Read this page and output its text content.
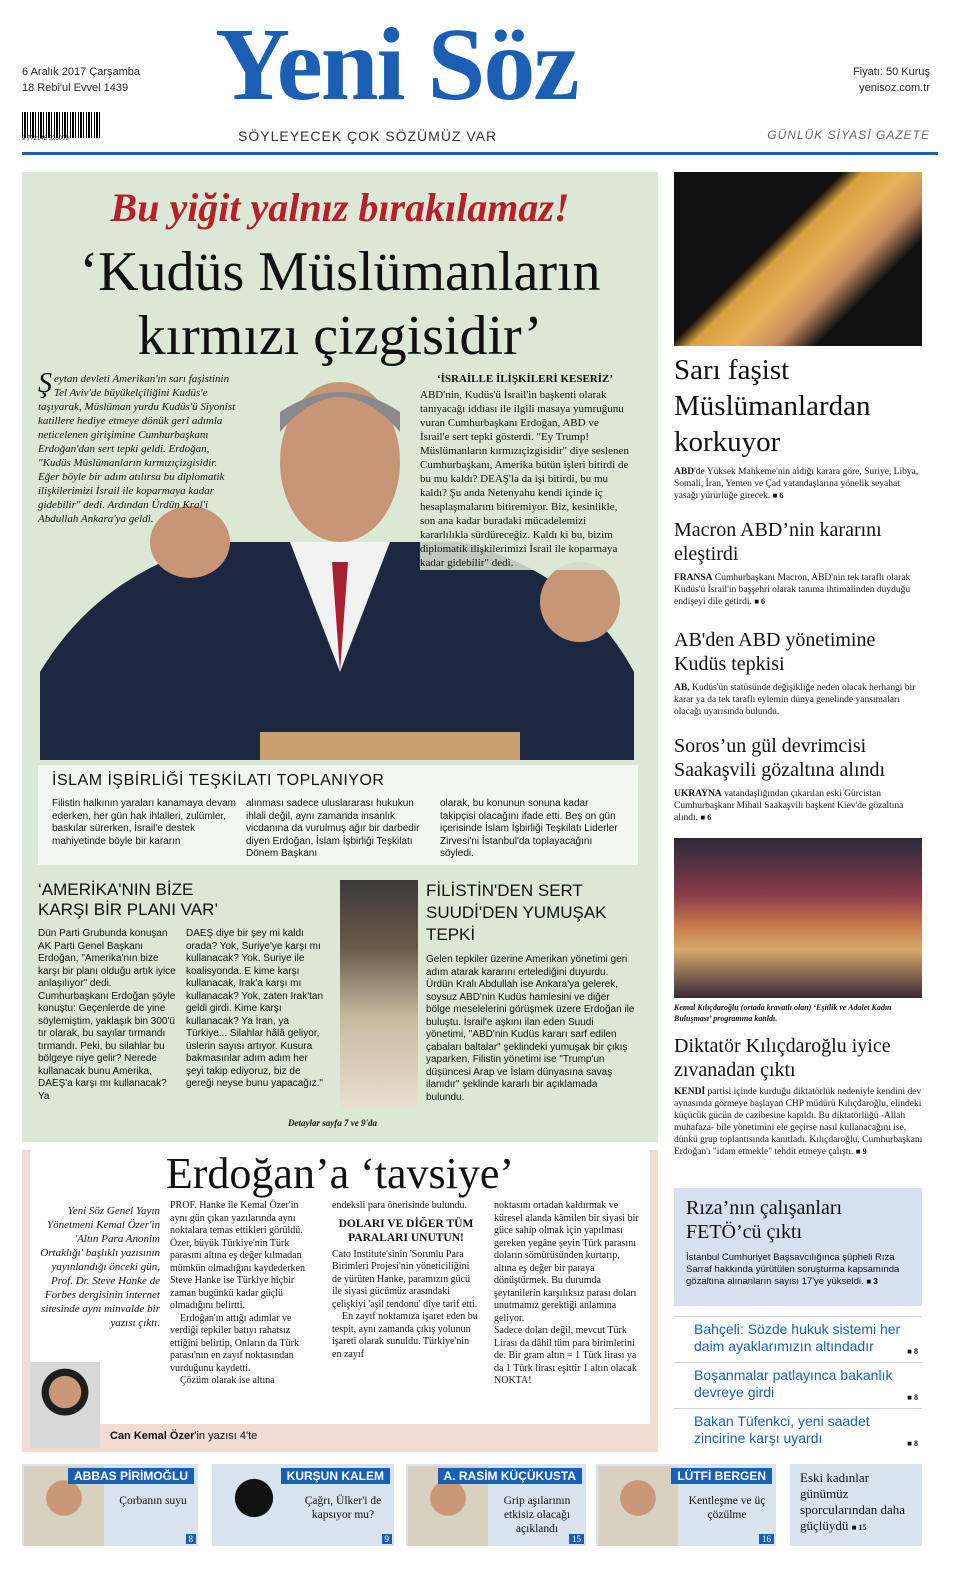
6 Aralık 2017 Çarşamba
18 Rebi'ul Evvel 1439
9 772148 526009
Yeni Söz
SÖYLEYECEK ÇOK SÖZÜMÜZ VAR
Fiyatı: 50 Kuruş
yenisoz.com.tr
GÜNLÜK SİYASİ GAZETE
Bu yiğit yalnız bırakılamaz!
‘Kudüs Müslümanların kırmızı çizgisidir’
Şeytan devleti Amerikan'ın sarı faşistinin Tel Aviv'de büyükelçiliğini Kudüs'e taşıyarak, Müslüman yurdu Kudüs'ü Siyonist katillere hediye etmeye dönük geri adımla neticelenen girişimine Cumhurbaşkanı Erdoğan'dan sert tepki geldi. Erdoğan, "Kudüs Müslümanların kırmızıçizgisidir. Eğer böyle bir adım atılırsa bu diplomatik ilişkilerimizi İsrail ile koparmaya kadar gidebilir" dedi. Ardından Ürdün Kral'i Abdullah Ankara'ya geldi.
‘İSRAİLLE İLİŞKİLERİ KESERİZ’
ABD'nin, Kudüs'ü İsrail'in başkenti olarak tanıyacağı iddiası ile ilgili masaya yumruğunu vuran Cumhurbaşkanı Erdoğan, ABD ve İsrail'e sert tepki gösterdi. "Ey Trump! Müslümanların kırmızıçizgisidir" diye seslenen Cumhurbaşkanı, Amerika bütün işleri bitirdi de bu mu kaldı? DEAŞ'la da işi bitirdi, bu mu kaldı? Şu anda Netenyahu kendi içinde iç hesaplaşmalarını bitiremiyor. Biz, kesinlikle, son ana kadar buradaki mücadelemizi kararlılıkla sürdüreceğiz. Kaldı ki bu, bizim diplomatik ilişkilerimizi İsrail ile koparmaya kadar gidebilir" dedi.
İSLAM İŞBİRLİĞİ TEŞKİLATI TOPLANIYOR
Filistin halkının yaraları kanamaya devam ederken, her gün hak ihlalleri, zulümler, baskılar sürerken, İsrail'e destek mahiyetinde böyle bir kararın
alınması sadece uluslararası hukukun ihlali değil, aynı zamanda insanlık vicdanına da vurulmuş ağır bir darbedir diyen Erdoğan, İslam İşbirliği Teşkilatı Dönem Başkanı
olarak, bu konunun sonuna kadar takipçisi olacağını ifade etti. Beş on gün içerisinde İslam İşbirliği Teşkilatı Liderler Zirvesi'ni İstanbul'da toplayacağını söyledi.
‘AMERİKA'NIN BİZE KARŞI BİR PLANI VAR’
Dün Parti Grubunda konuşan AK Parti Genel Başkanı Erdoğan, "Amerika'nın bize karşı bir planı olduğu artık iyice anlaşılıyor" dedi. Cumhurbaşkanı Erdoğan şöyle konuştu: Geçenlerde de yine söylemiştim, yaklaşık bin 300'ü tır olarak, bu sayılar tırmandı tırmandı. Peki, bu silahlar bu bölgeye niye gelir? Nerede kullanacak bunu Amerika, DAEŞ'a karşı mı kullanacak? Ya
DAEŞ diye bir şey mi kaldı orada? Yok, Suriye'ye karşı mı kullanacak? Yok. Suriye ile koalisyonda. E kime karşı kullanacak, Irak'a karşı mı kullanacak? Yok, zaten Irak'tan geldi girdi. Kime karşı kullanacak? Ya İran, ya Türkiye... Silahlar hâlâ geliyor, üslerin sayısı artıyor. Kusura bakmasınlar adım adım her şeyi takip ediyoruz, biz de gereği neyse bunu yapacağız."
FİLİSTİN'DEN SERT SUUDİ'DEN YUMUŞAK TEPKİ
Gelen tepkiler üzerine Amerikan yönetimi geri adım atarak kararını ertelediğini duyurdu. Ürdün Kralı Abdullah ise Ankara'ya gelerek, soysuz ABD'nin Kudüs hamlesini ve diğer bölge meselelerini görüşmek üzere Erdoğan ile buluştu. İsrail'e aşkını ilan eden Suudi yönetimi, "ABD'nin Kudüs kararı sarf edilen çabaları baltalar" şeklindeki yumuşak bir çıkış yaparken, Filistin yönetimi ise "Trump'un düşüncesi Arap ve İslam dünyasına savaş ilanıdır" şeklinde kararlı bir açıklamada bulundu.
Detaylar sayfa 7 ve 9'da
Sarı faşist Müslümanlardan korkuyor
ABD'de Yüksek Mahkeme'nin aldığı karara göre, Suriye, Libya, Somali, İran, Yemen ve Çad vatandaşlarına yönelik seyahat yasağı yürürlüğe girecek. ■ 6
Macron ABD’nin kararını eleştirdi
FRANSA Cumhurbaşkanı Macron, ABD'nin tek taraflı olarak Kudüs'ü İsrail'in başşehri olarak tanıma ihtimalinden duyduğu endişeyi dile getirdi. ■ 6
AB'den ABD yönetimine Kudüs tepkisi
AB, Kudüs'ün statüsünde değişikliğe neden olacak herhangi bir karar ya da tek taraflı eylemin dünya genelinde yansımaları olacağı uyarısında bulundu.
Soros’un gül devrimcisi Saakaşvili gözaltına alındı
UKRAYNA vatandaşlığından çıkarılan eski Gürcistan Cumhurbaşkanı Mihail Saakaşvili başkent Kiev'de gözaltına alındı. ■ 6
Kemal Kılıçdaroğlu (ortada kravatlı olan) ‘Eşitlik ve Adalet Kadın Buluşması’ programına katıldı.
Diktatör Kılıçdaroğlu iyice zıvanadan çıktı
KENDİ partisi içinde kurduğu diktatörlük nedeniyle kendini dev aynasında görmeye başlayan CHP müdürü Kılıçdaroğlu, elindeki küçücük gücün de cazibesine kapıldı. Bu diktatörlüğü -Allah muhafaza- bile yönetimini ele geçirse nasıl kullanacağını ise, dünkü grup toplantısında kanıtladı. Kılıçdaroğlu, Cumhurbaşkanı Erdoğan'ı "idam etmekle" tehdit etmeye çalıştı. ■ 9
Rıza’nın çalışanları FETÖ’cü çıktı
İstanbul Cumhuriyet Başsavcılığınca şüpheli Rıza Sarraf hakkında yürütülen soruşturma kapsamında gözaltına alınanların sayısı 17'ye yükseldi. ■ 3
Bahçeli: Sözde hukuk sistemi her daim ayaklarımızın altındadır	■ 8
Boşanmalar patlayınca bakanlık devreye girdi	■ 8
Bakan Tüfenkci, yeni saadet zincirine karşı uyardı	■ 8
Erdoğan’a ‘tavsiye’
Yeni Söz Genel Yayın Yönetmeni Kemal Özer'in 'Altın Para Anonim Ortaklığı' başlıklı yazısının yayınlandığı önceki gün, Prof. Dr. Steve Hanke de Forbes dergisinin internet sitesinde aynı minvalde bir yazısı çıktı.
PROF. Hanke ile Kemal Özer'in aynı gün çıkan yazılarında aynı noktalara temas ettikleri görüldü. Özer, büyük Türkiye'nin Türk parasını altına eş değer kılmadan mümkün olmadığını kaydederken Steve Hanke ise Türkiye hiçbir zaman bugünkü kadar güçlü olmadığını belirtti.
Erdoğan'ın attığı adımlar ve verdiği tepkiler batıyı rahatsız ettiğini belirtip, Onların da Türk parası'nın en zayıf noktasından vurduğunu kaydetti.
Çözüm olarak ise altına
endeksli para önerisinde bulundu.
DOLARI VE DİĞER TÜM PARALARI UNUTUN!
Cato Institute'sinin 'Sorunlu Para Birimleri Projesi'nin yöneticiliğini de yürüten Hanke, paramızın gücü ile siyasi gücümüz arasındaki çelişkiyi 'aşil tendonu' diye tarif etti.
En zayıf noktamıza işaret eden bu tespit, aynı zamanda çıkış yolunun işareti olarak sunuldu. Türkiye'nin en zayıf
noktasını ortadan kaldırmak ve küresel alanda kâmilen bir siyasi bir güce sahip olmak için yapılması gereken yegâne şeyin Türk parasını doların sömürüsünden kurtarıp, altına eş değer bir paraya dönüştürmek. Bu durumda şeytanilerin karşılıksız parası doları unutmamız gerektiği anlamına geliyor.
Sadece doları değil, mevcut Türk Lirası da dâhil tüm para birimlerini de. Bir gram altın = 1 Türk lirası ya da 1 Türk lirası eşittir 1 altın olacak NOKTA!
Can Kemal Özer'in yazısı 4'te
ABBAS PİRİMOĞLU
Çorbanın suyu
8
KURŞUN KALEM
Çağrı, Ülker'i de kapsıyor mu?
9
A. RASİM KÜÇÜKUSTA
Grip aşılarının etkisiz olacağı açıklandı
15
LÜTFİ BERGEN
Kentleşme ve üç çözülme
16
Eski kadınlar günümüz sporcularından daha güçlüydü ■ 15
